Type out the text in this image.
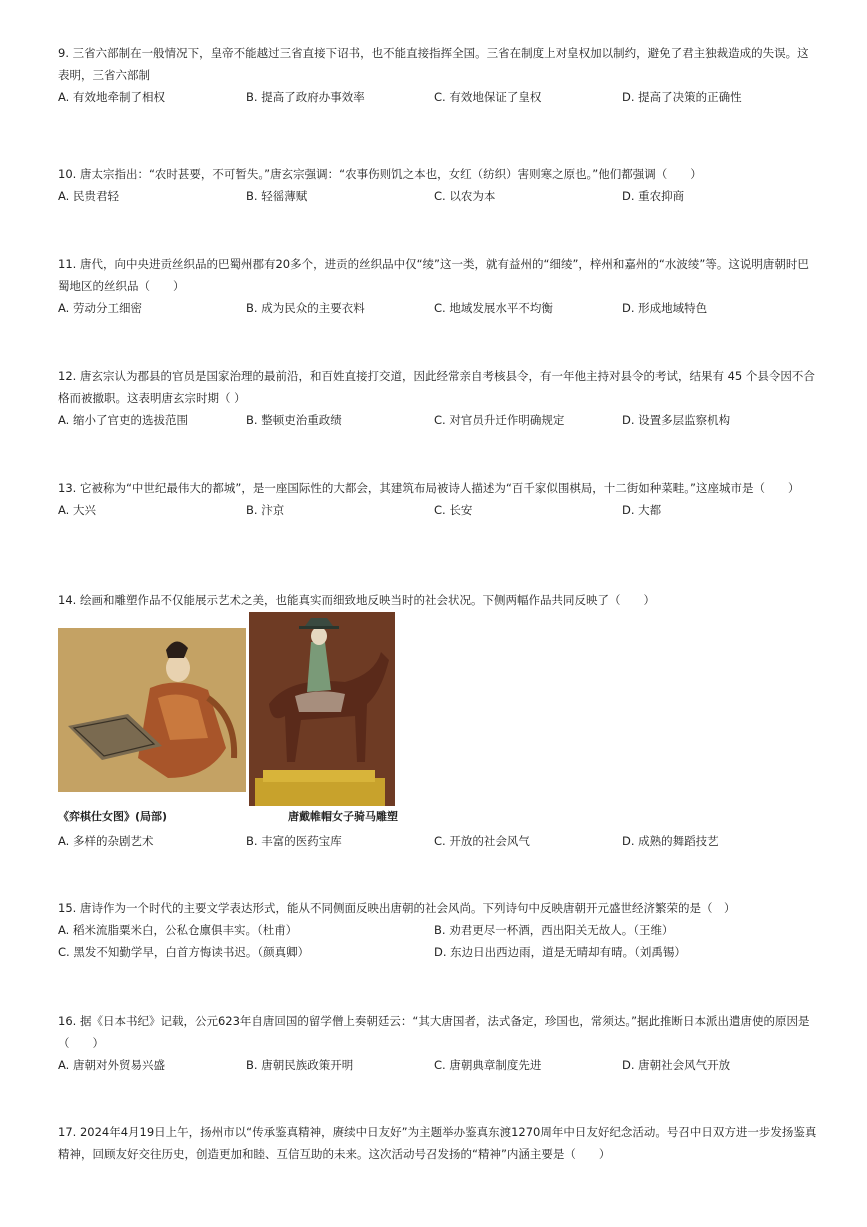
9. 三省六部制在一般情况下，皇帝不能越过三省直接下诏书，也不能直接指挥全国。三省在制度上对皇权加以制约，避免了君主独裁造成的失误。这表明，三省六部制

A. 有效地牵制了相权	B. 提高了政府办事效率	C. 有效地保证了皇权	D. 提高了决策的正确性

10. 唐太宗指出：“农时甚要，不可暂失。”唐玄宗强调：“农事伤则饥之本也，女红（纺织）害则寒之原也。”他们都强调（　　）

A. 民贵君轻	B. 轻徭薄赋	C. 以农为本	D. 重农抑商

11. 唐代，向中央进贡丝织品的巴蜀州郡有20多个，进贡的丝织品中仅“绫”这一类，就有益州的“细绫”，梓州和嘉州的“水波绫”等。这说明唐朝时巴蜀地区的丝织品（　　）

A. 劳动分工细密	B. 成为民众的主要衣料	C. 地域发展水平不均衡	D. 形成地域特色

12. 唐玄宗认为郡县的官员是国家治理的最前沿，和百姓直接打交道，因此经常亲自考核县令，有一年他主持对县令的考试，结果有 45 个县令因不合格而被撤职。这表明唐玄宗时期（ ）

A. 缩小了官吏的选拔范围	B. 整顿吏治重政绩	C. 对官员升迁作明确规定	D. 设置多层监察机构

13. 它被称为“中世纪最伟大的都城”，是一座国际性的大都会，其建筑布局被诗人描述为“百千家似围棋局，十二街如种菜畦。”这座城市是（　　）

A. 大兴	B. 汴京	C. 长安	D. 大都

14. 绘画和雕塑作品不仅能展示艺术之美，也能真实而细致地反映当时的社会状况。下侧两幅作品共同反映了（　　）

《弈棋仕女图》(局部)	唐戴帷帽女子骑马雕塑
A. 多样的杂剧艺术	B. 丰富的医药宝库	C. 开放的社会风气	D. 成熟的舞蹈技艺

15. 唐诗作为一个时代的主要文学表达形式，能从不同侧面反映出唐朝的社会风尚。下列诗句中反映唐朝开元盛世经济繁荣的是（　）

A. 稻米流脂粟米白，公私仓廪俱丰实。（杜甫）	B. 劝君更尽一杯酒，西出阳关无故人。（王维）
C. 黑发不知勤学早，白首方悔读书迟。（颜真卿）	D. 东边日出西边雨，道是无晴却有晴。（刘禹锡）

16. 据《日本书纪》记载，公元623年自唐回国的留学僧上奏朝廷云：“其大唐国者，法式备定，珍国也，常须达。”据此推断日本派出遣唐使的原因是（　　）

A. 唐朝对外贸易兴盛	B. 唐朝民族政策开明	C. 唐朝典章制度先进	D. 唐朝社会风气开放

17. 2024年4月19日上午，扬州市以“传承鉴真精神，赓续中日友好”为主题举办鉴真东渡1270周年中日友好纪念活动。号召中日双方进一步发扬鉴真精神，回顾友好交往历史，创造更加和睦、互信互助的未来。这次活动号召发扬的“精神”内涵主要是（　　）
